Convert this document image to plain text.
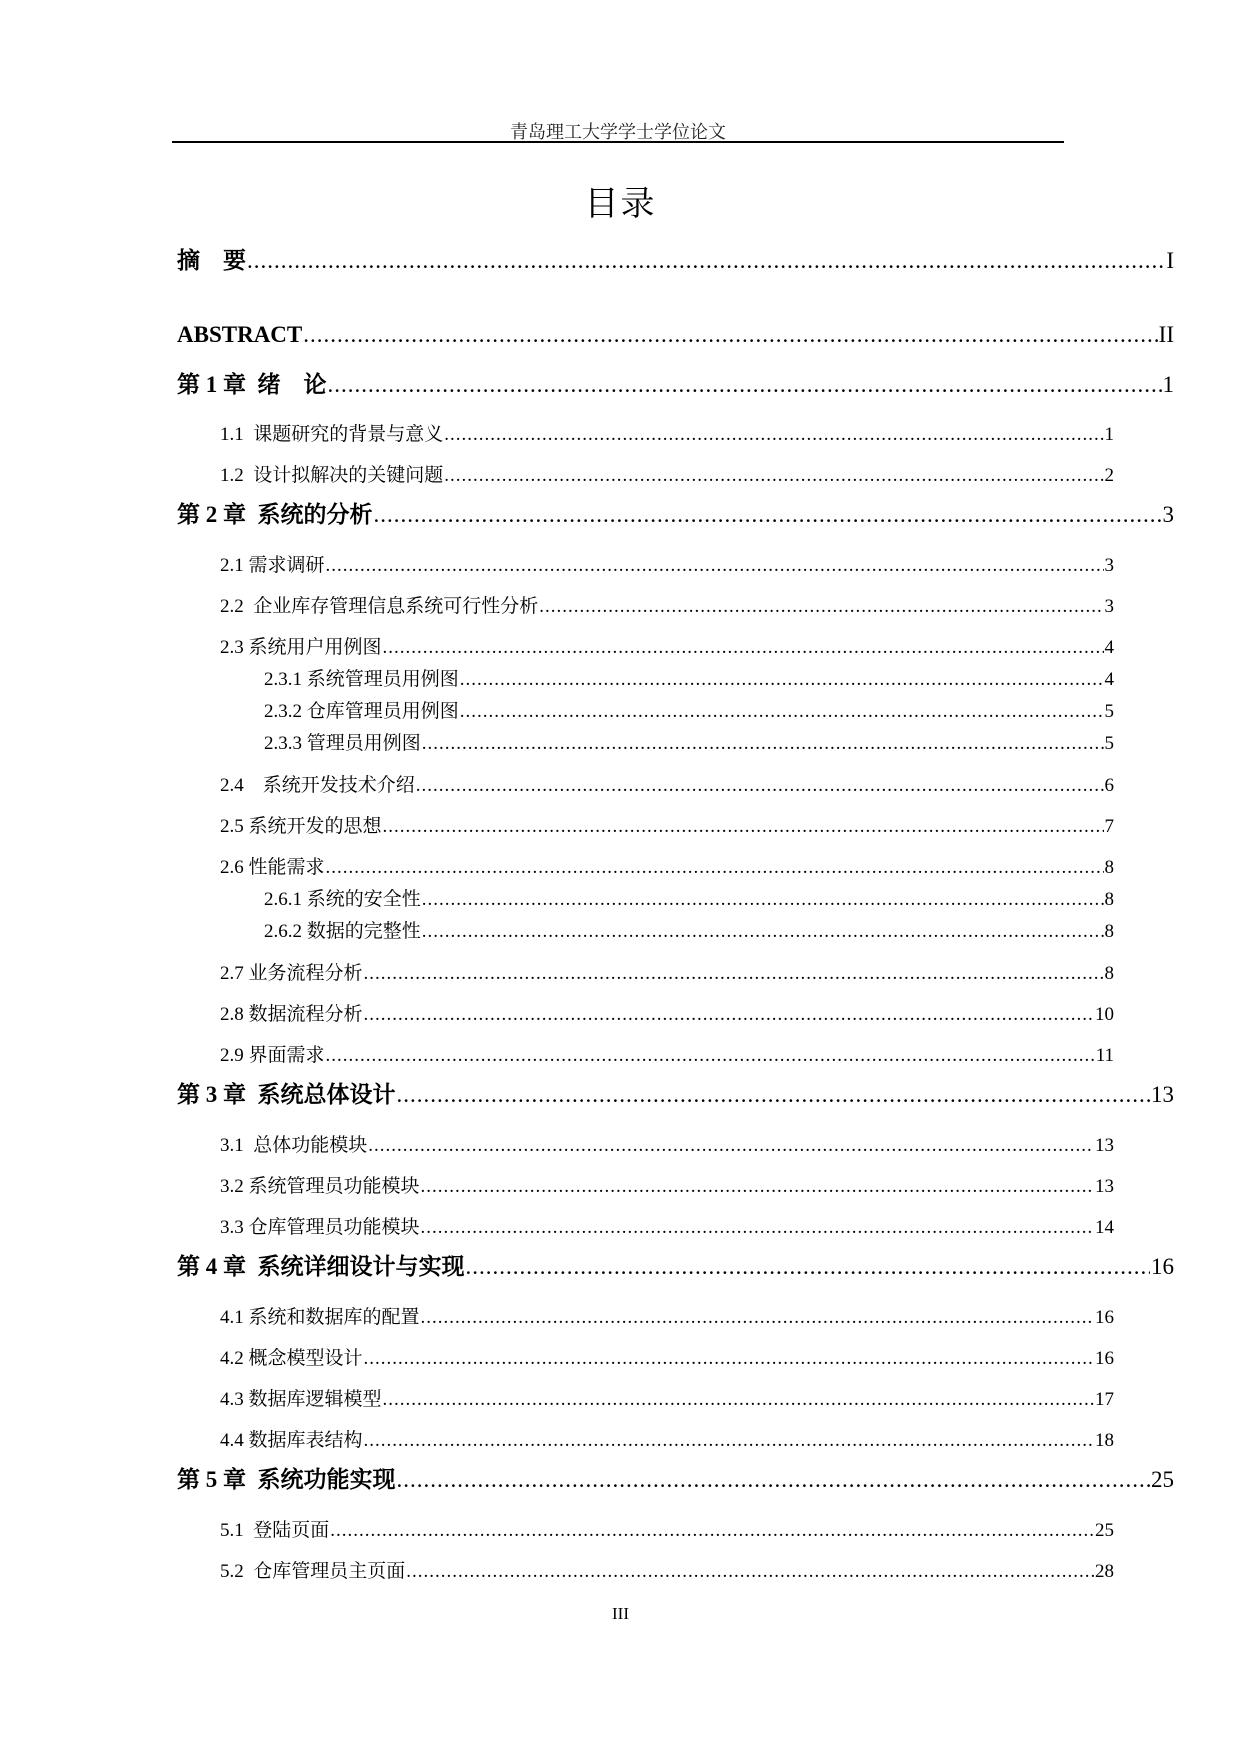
青岛理工大学学士学位论文
目录
摘　要 .....	I
ABSTRACT .....	II
第 1 章  绪　论 .....	1
1.1  课题研究的背景与意义 .....	1
1.2  设计拟解决的关键问题 .....	2
第 2 章  系统的分析 .....	3
2.1 需求调研 .....	3
2.2  企业库存管理信息系统可行性分析 .....	3
2.3 系统用户用例图 .....	4
2.3.1 系统管理员用例图 .....	4
2.3.2 仓库管理员用例图 .....	5
2.3.3 管理员用例图 .....	5
2.4    系统开发技术介绍 .....	6
2.5 系统开发的思想 .....	7
2.6 性能需求 .....	8
2.6.1 系统的安全性 .....	8
2.6.2 数据的完整性 .....	8
2.7 业务流程分析 .....	8
2.8 数据流程分析 .....	10
2.9 界面需求 .....	11
第 3 章  系统总体设计 .....	13
3.1  总体功能模块 .....	13
3.2 系统管理员功能模块 .....	13
3.3 仓库管理员功能模块 .....	14
第 4 章  系统详细设计与实现 .....	16
4.1 系统和数据库的配置 .....	16
4.2 概念模型设计 .....	16
4.3 数据库逻辑模型 .....	17
4.4 数据库表结构 .....	18
第 5 章  系统功能实现 .....	25
5.1  登陆页面 .....	25
5.2  仓库管理员主页面 .....	28
III
